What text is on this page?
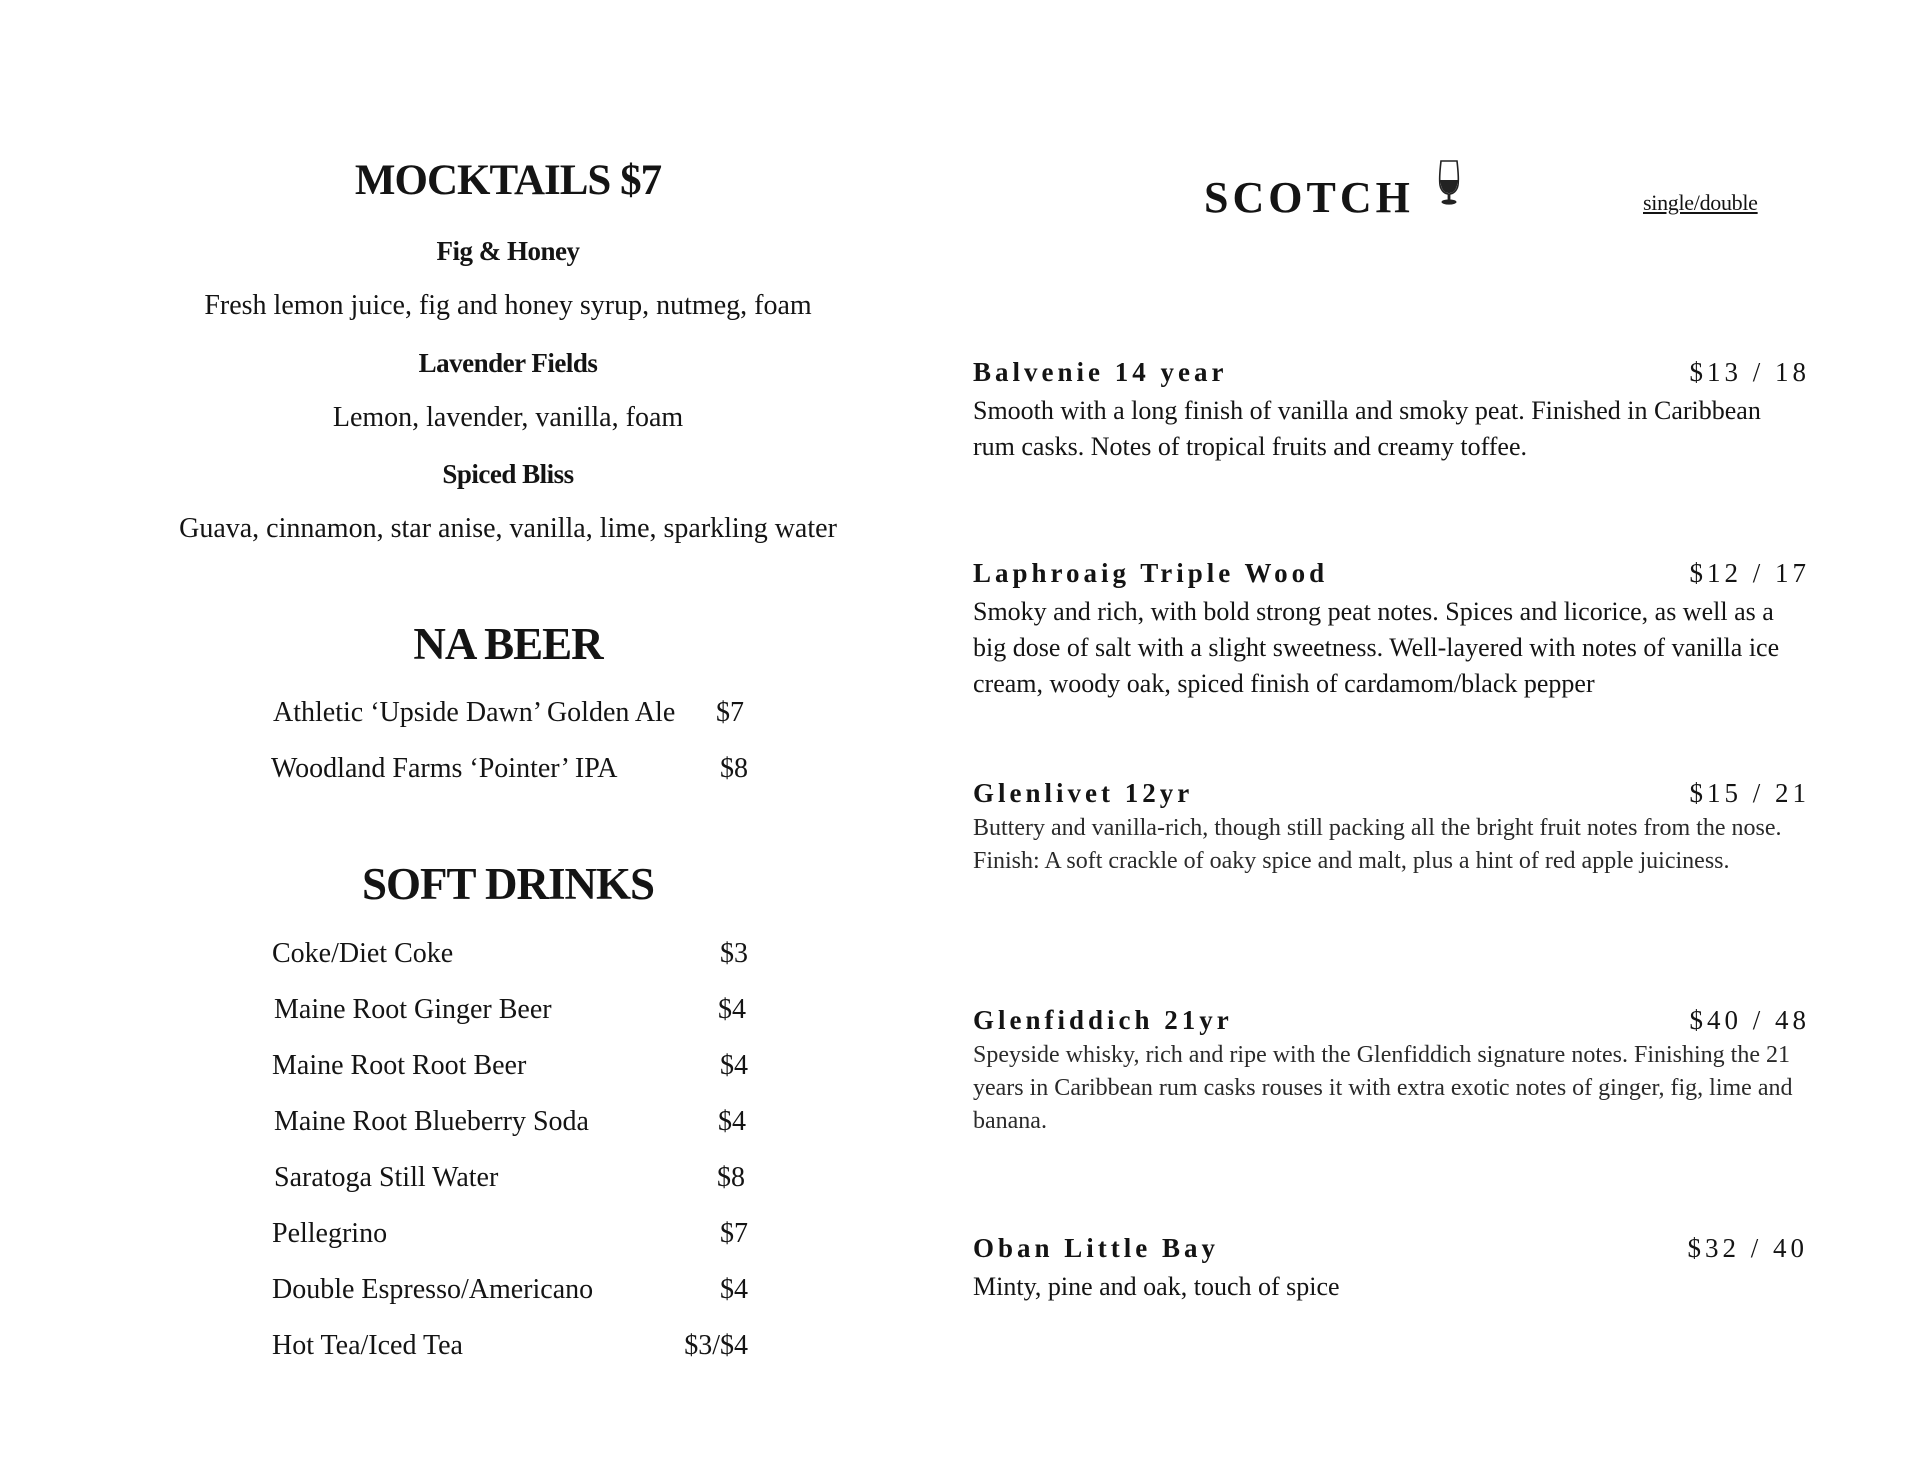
MOCKTAILS $7
Fig & Honey
Fresh lemon juice, fig and honey syrup, nutmeg, foam
Lavender Fields
Lemon, lavender, vanilla, foam
Spiced Bliss
Guava, cinnamon, star anise, vanilla, lime, sparkling water
NA BEER
Athletic ‘Upside Dawn’ Golden Ale $7
Woodland Farms ‘Pointer’ IPA	$8
SOFT DRINKS
Coke/Diet Coke	$3
Maine Root Ginger Beer	$4
Maine Root Root Beer	$4
Maine Root Blueberry Soda	$4
Saratoga Still Water	$8
Pellegrino	$7
Double Espresso/Americano	$4
Hot Tea/Iced Tea	$3/$4
SCOTCH	single/double
Balvenie 14 year	$13 / 18

Smooth with a long finish of vanilla and smoky peat. Finished in Caribbean rum casks. Notes of tropical fruits and creamy toffee.

Laphroaig Triple Wood	$12 / 17

Smoky and rich, with bold strong peat notes. Spices and licorice, as well as a big dose of salt with a slight sweetness. Well-layered with notes of vanilla ice cream, woody oak, spiced finish of cardamom/black pepper

Glenlivet 12yr	$15 / 21

Buttery and vanilla-rich, though still packing all the bright fruit notes from the nose. Finish: A soft crackle of oaky spice and malt, plus a hint of red apple juiciness.

Glenfiddich 21yr	$40 / 48

Speyside whisky, rich and ripe with the Glenfiddich signature notes. Finishing the 21 years in Caribbean rum casks rouses it with extra exotic notes of ginger, fig, lime and banana.

Oban Little Bay	$32 / 40

Minty, pine and oak, touch of spice
